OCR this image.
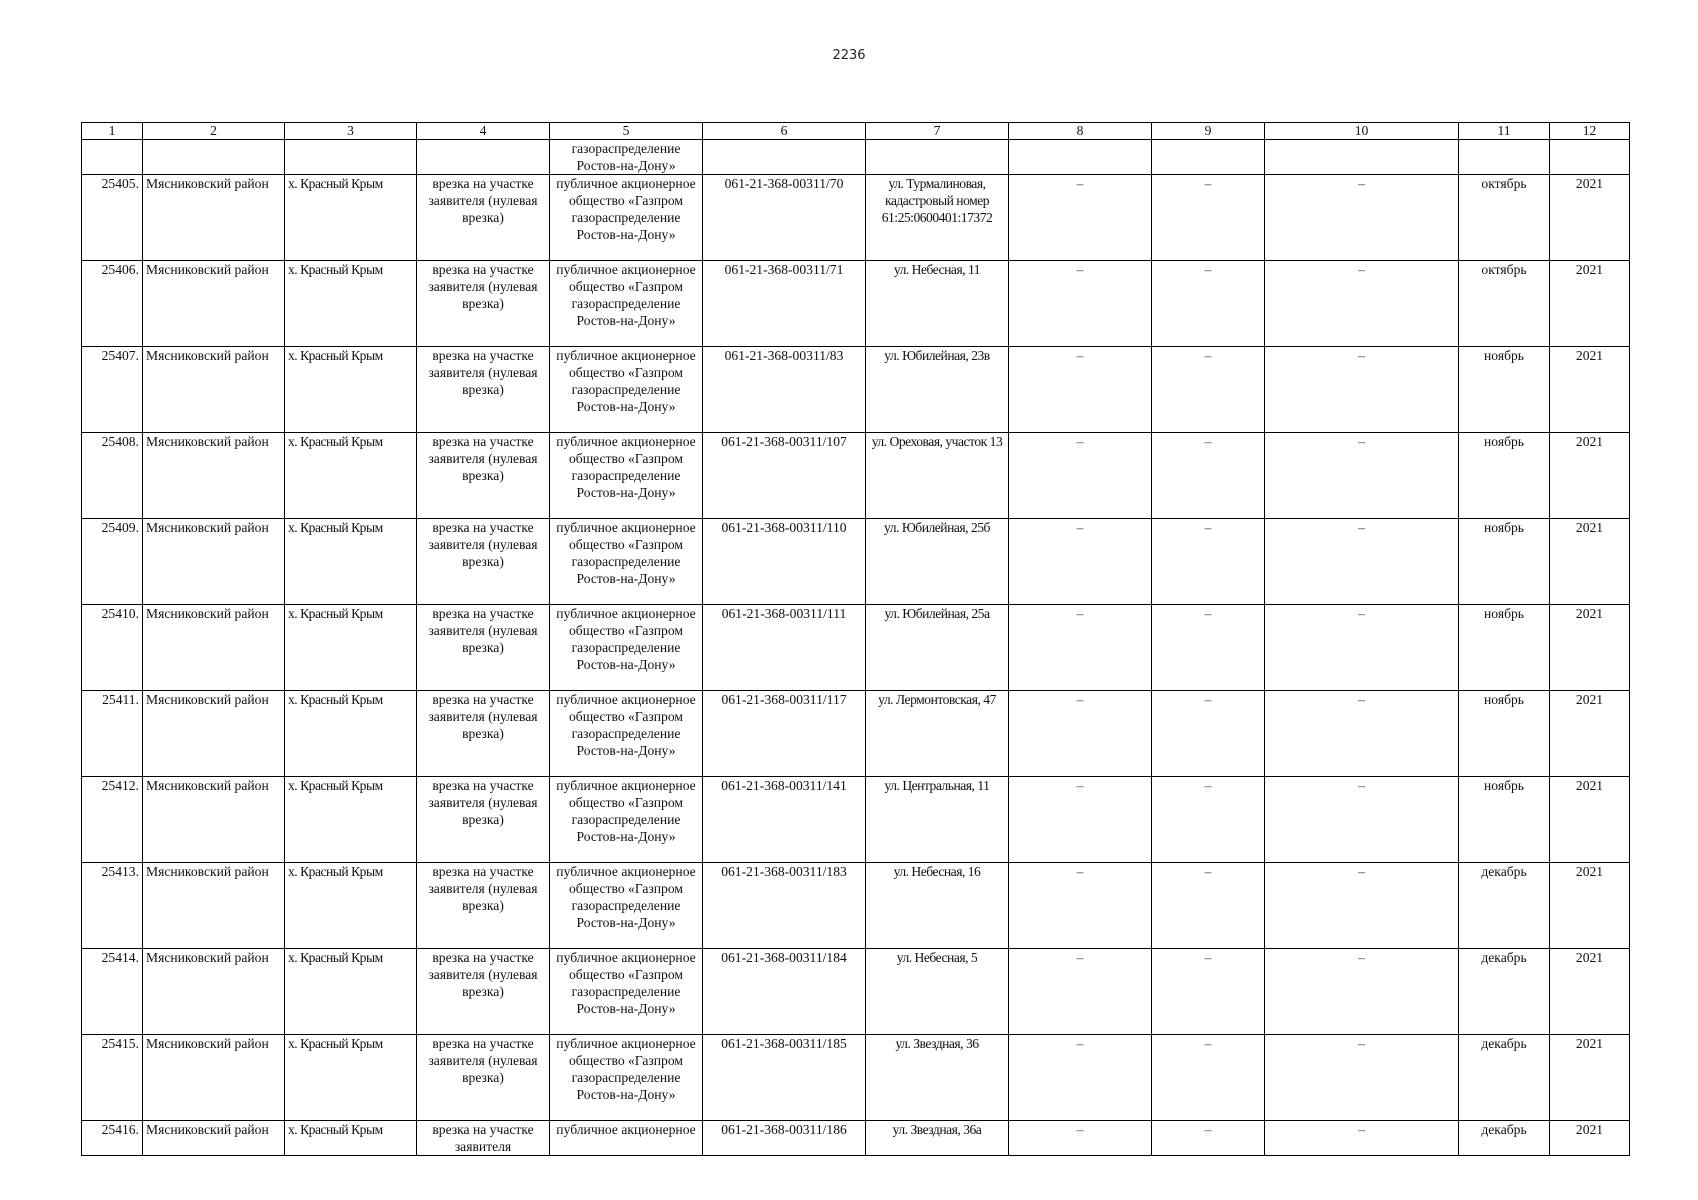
2236
1	2	3	4	5	6	7	8	9	10	11	12
				газораспределение Ростов-на-Дону»							
25405.	Мясниковский район	х. Красный Крым	врезка на участке заявителя (нулевая врезка)	публичное акционерное общество «Газпром газораспределение Ростов-на-Дону»	061-21-368-00311/70	ул. Турмалиновая, кадастровый номер 61:25:0600401:17372	–	–	–	октябрь	2021
25406.	Мясниковский район	х. Красный Крым	врезка на участке заявителя (нулевая врезка)	публичное акционерное общество «Газпром газораспределение Ростов-на-Дону»	061-21-368-00311/71	ул. Небесная, 11	–	–	–	октябрь	2021
25407.	Мясниковский район	х. Красный Крым	врезка на участке заявителя (нулевая врезка)	публичное акционерное общество «Газпром газораспределение Ростов-на-Дону»	061-21-368-00311/83	ул. Юбилейная, 23в	–	–	–	ноябрь	2021
25408.	Мясниковский район	х. Красный Крым	врезка на участке заявителя (нулевая врезка)	публичное акционерное общество «Газпром газораспределение Ростов-на-Дону»	061-21-368-00311/107	ул. Ореховая, участок 13	–	–	–	ноябрь	2021
25409.	Мясниковский район	х. Красный Крым	врезка на участке заявителя (нулевая врезка)	публичное акционерное общество «Газпром газораспределение Ростов-на-Дону»	061-21-368-00311/110	ул. Юбилейная, 25б	–	–	–	ноябрь	2021
25410.	Мясниковский район	х. Красный Крым	врезка на участке заявителя (нулевая врезка)	публичное акционерное общество «Газпром газораспределение Ростов-на-Дону»	061-21-368-00311/111	ул. Юбилейная, 25а	–	–	–	ноябрь	2021
25411.	Мясниковский район	х. Красный Крым	врезка на участке заявителя (нулевая врезка)	публичное акционерное общество «Газпром газораспределение Ростов-на-Дону»	061-21-368-00311/117	ул. Лермонтовская, 47	–	–	–	ноябрь	2021
25412.	Мясниковский район	х. Красный Крым	врезка на участке заявителя (нулевая врезка)	публичное акционерное общество «Газпром газораспределение Ростов-на-Дону»	061-21-368-00311/141	ул. Центральная, 11	–	–	–	ноябрь	2021
25413.	Мясниковский район	х. Красный Крым	врезка на участке заявителя (нулевая врезка)	публичное акционерное общество «Газпром газораспределение Ростов-на-Дону»	061-21-368-00311/183	ул. Небесная, 16	–	–	–	декабрь	2021
25414.	Мясниковский район	х. Красный Крым	врезка на участке заявителя (нулевая врезка)	публичное акционерное общество «Газпром газораспределение Ростов-на-Дону»	061-21-368-00311/184	ул. Небесная, 5	–	–	–	декабрь	2021
25415.	Мясниковский район	х. Красный Крым	врезка на участке заявителя (нулевая врезка)	публичное акционерное общество «Газпром газораспределение Ростов-на-Дону»	061-21-368-00311/185	ул. Звездная, 36	–	–	–	декабрь	2021
25416.	Мясниковский район	х. Красный Крым	врезка на участке заявителя	публичное акционерное	061-21-368-00311/186	ул. Звездная, 36а	–	–	–	декабрь	2021
